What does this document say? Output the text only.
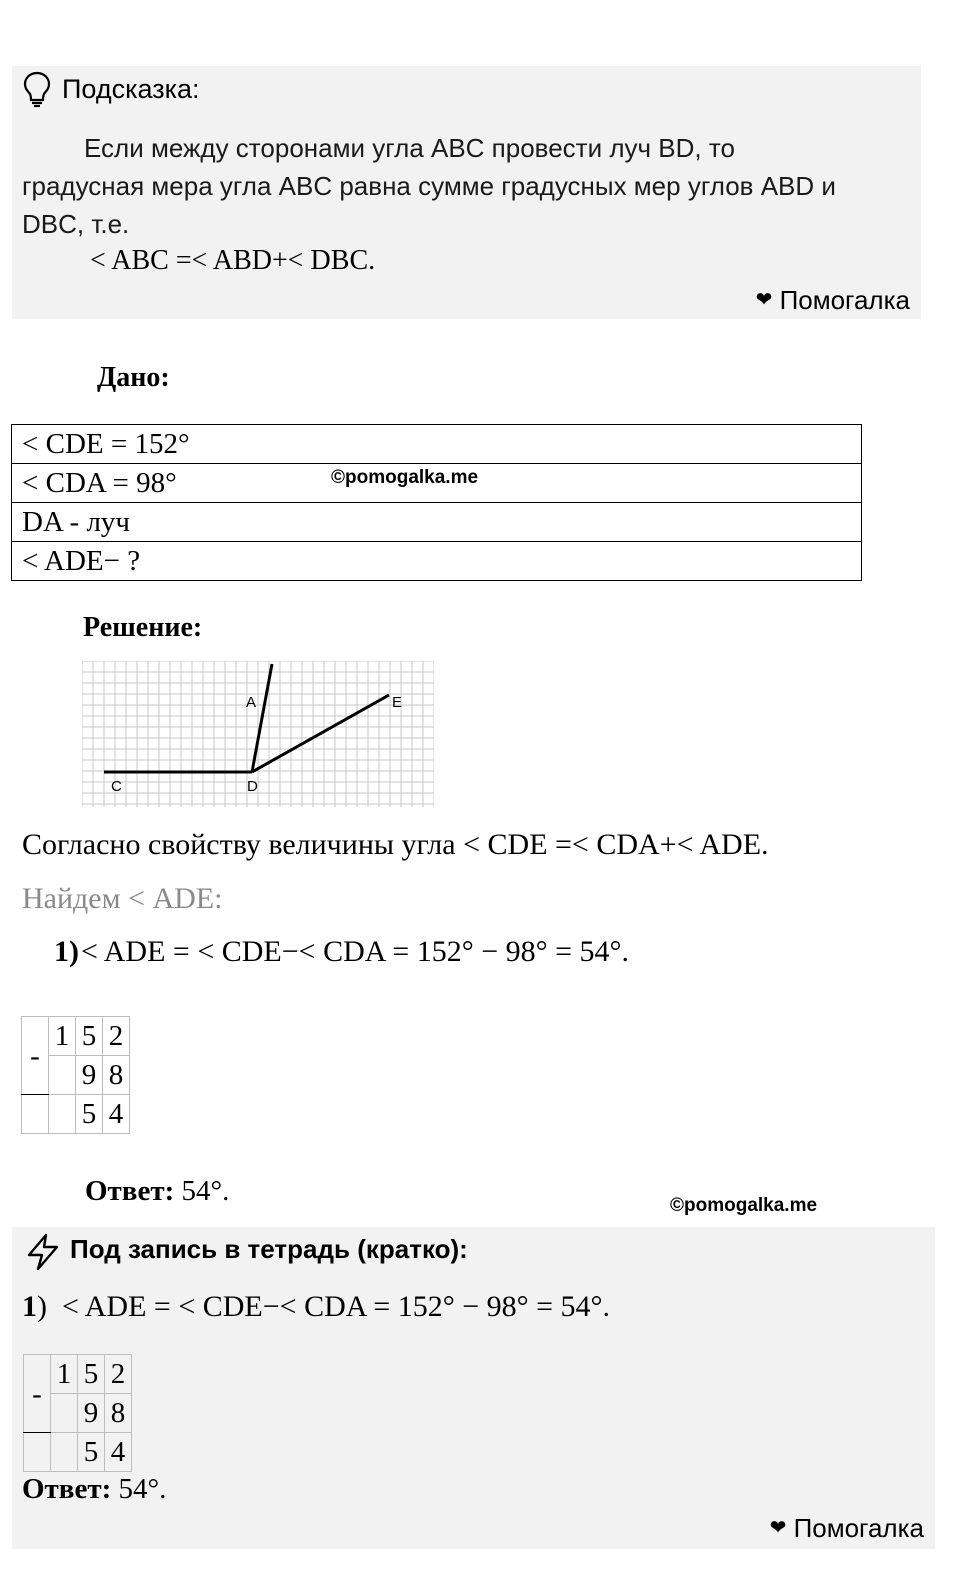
Подсказка:
Если между сторонами угла ABC провести луч BD, то
градусная мера угла ABC равна сумме градусных мер углов ABD и
DBC, т.е.
< ABC =< ABD+< DBC.
❤ Помогалка
Дано:
< CDE = 152°
< CDA = 98°
DA - луч
< ADE− ?
©pomogalka.me
Решение:
A	E
C	D
Согласно свойству величины угла < CDE =< CDA+< ADE.
Найдем < ADE:
1)< ADE = < CDE−< CDA = 152° − 98° = 54°.
-	1	5	2
		9	8
		5	4
Ответ: 54°.	©pomogalka.me
Под запись в тетрадь (кратко):
1)  < ADE = < CDE−< CDA = 152° − 98° = 54°.
-	1	5	2
		9	8
		5	4
Ответ: 54°.
❤ Помогалка
